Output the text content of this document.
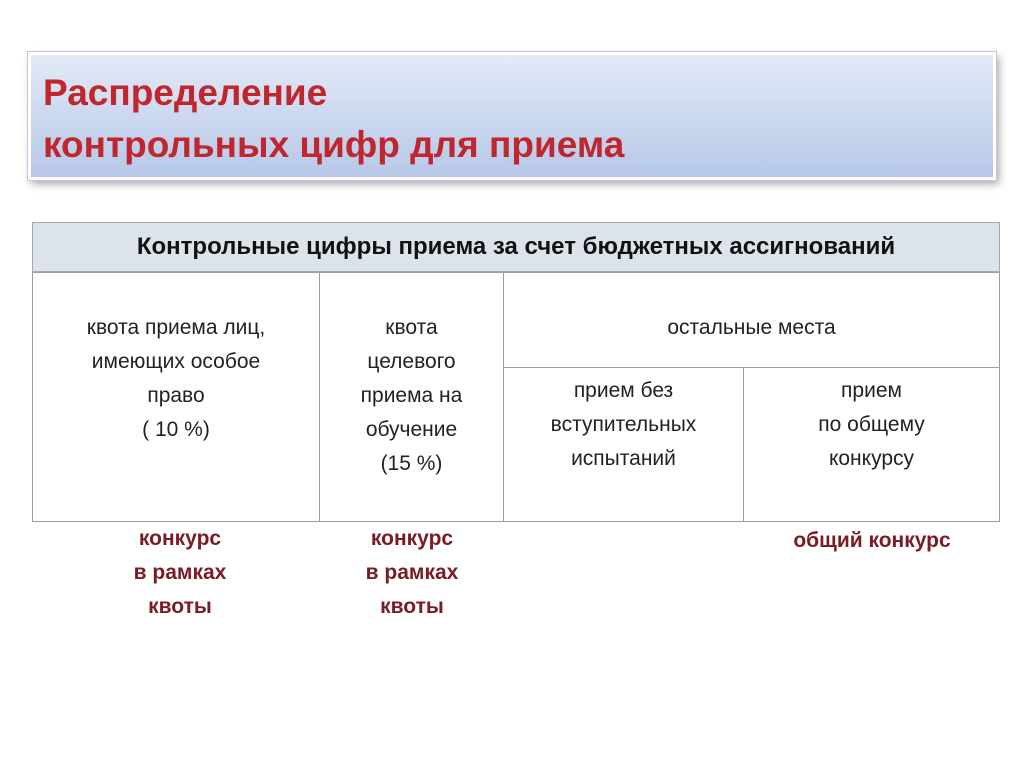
Распределение
контрольных цифр для приема
Контрольные цифры приема за счет бюджетных ассигнований
квота приема лиц,
имеющих особое
право
( 10 %)
квота
целевого
приема на
обучение
(15 %)
остальные места
прием без
вступительных
испытаний
прием
по общему
конкурсу
конкурс
в рамках
квоты
конкурс
в рамках
квоты
общий конкурс
